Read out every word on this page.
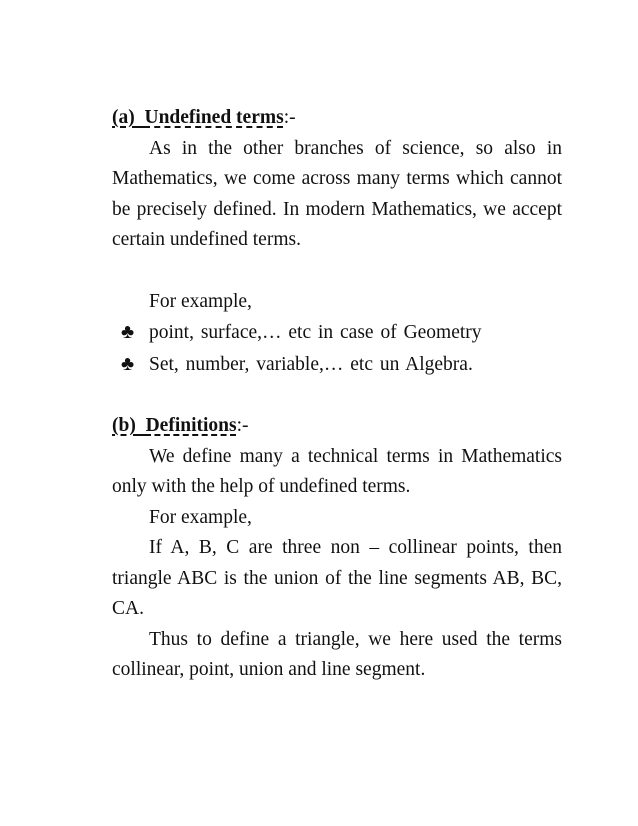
(a) Undefined terms:-

As in the other branches of science, so also in Mathematics, we come across many terms which cannot be precisely defined. In modern Mathematics, we accept certain undefined terms.

For example,

♣ point, surface,… etc in case of Geometry
♣ Set, number, variable,… etc un Algebra.
(b) Definitions:-

We define many a technical terms in Mathematics only with the help of undefined terms.

For example,

If A, B, C are three non – collinear points, then triangle ABC is the union of the line segments AB, BC, CA.

Thus to define a triangle, we here used the terms collinear, point, union and line segment.
